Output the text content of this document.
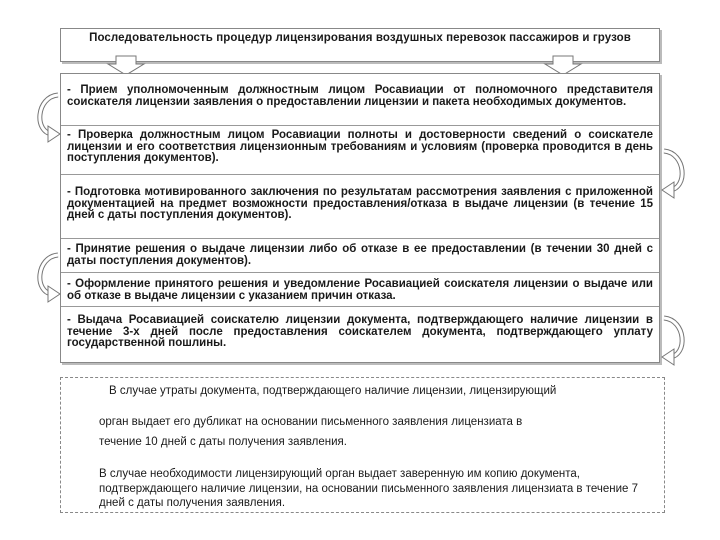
Последовательность процедур лицензирования воздушных перевозок пассажиров и грузов
- Прием уполномоченным должностным лицом Росавиации от полномочного представителя соискателя лицензии заявления о предоставлении лицензии и пакета необходимых документов.
- Проверка должностным лицом Росавиации полноты и достоверности сведений о соискателе лицензии и его соответствия лицензионным требованиям и условиям (проверка проводится в день поступления документов).
- Подготовка мотивированного заключения по результатам рассмотрения заявления с приложенной документацией на предмет возможности предоставления/отказа в выдаче лицензии (в течение 15 дней с даты поступления документов).
- Принятие решения о выдаче лицензии либо об отказе в ее предоставлении (в течении 30 дней с даты поступления документов).
- Оформление принятого решения и уведомление Росавиацией соискателя лицензии о выдаче или об отказе в выдаче лицензии с указанием причин отказа.
- Выдача Росавиацией соискателю лицензии документа, подтверждающего наличие лицензии в течение 3-х дней после предоставления соискателем документа, подтверждающего уплату государственной пошлины.
В случае утраты документа, подтверждающего наличие лицензии, лицензирующий
орган выдает его дубликат на основании письменного заявления лицензиата в
течение 10 дней с даты получения заявления.
В случае необходимости лицензирующий орган выдает заверенную им копию документа, подтверждающего наличие лицензии, на основании письменного заявления лицензиата в течение 7 дней с даты получения заявления.
